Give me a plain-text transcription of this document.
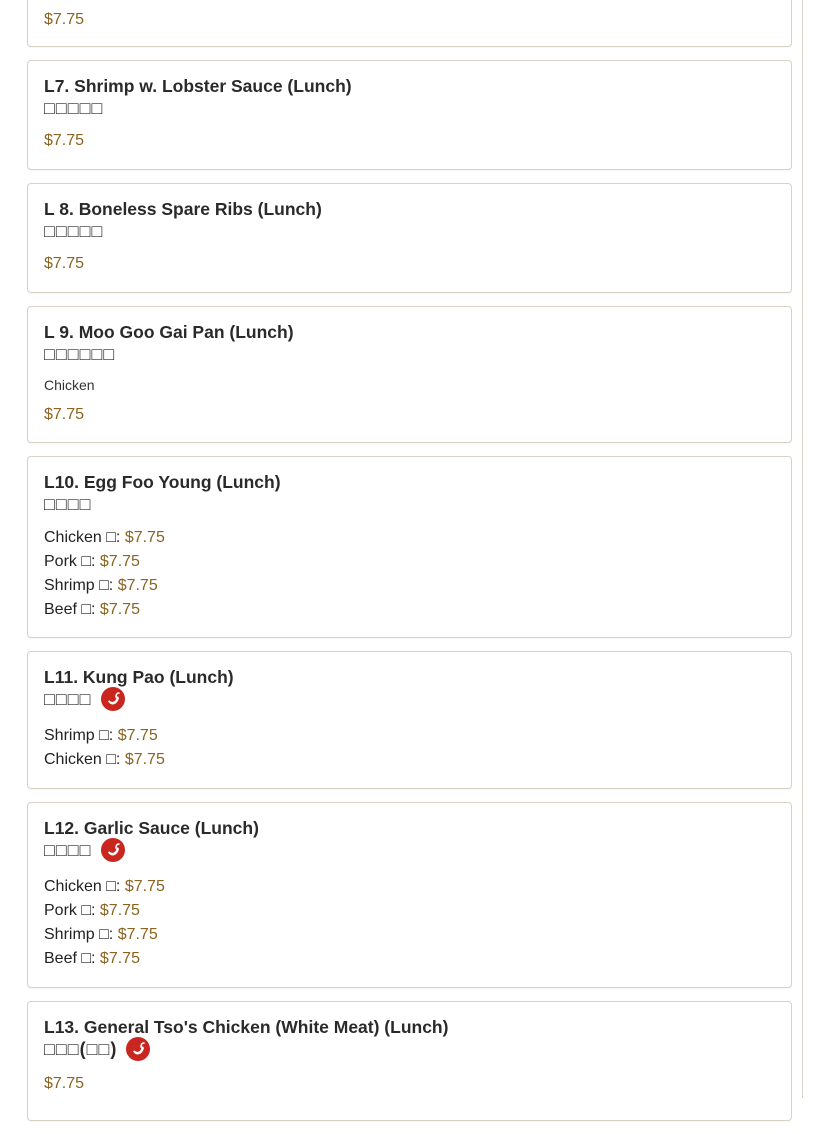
$7.75
L7. Shrimp w. Lobster Sauce (Lunch)
□□□□□
$7.75
L 8. Boneless Spare Ribs (Lunch)
□□□□□
$7.75
L 9. Moo Goo Gai Pan (Lunch)
□□□□□□
Chicken
$7.75
L10. Egg Foo Young (Lunch)
□□□□
Chicken □: $7.75
Pork □: $7.75
Shrimp □: $7.75
Beef □: $7.75
L11. Kung Pao (Lunch)
□□□□
Shrimp □: $7.75
Chicken □: $7.75
L12. Garlic Sauce (Lunch)
□□□□
Chicken □: $7.75
Pork □: $7.75
Shrimp □: $7.75
Beef □: $7.75
L13. General Tso's Chicken (White Meat) (Lunch)
□□□(□□)
$7.75
